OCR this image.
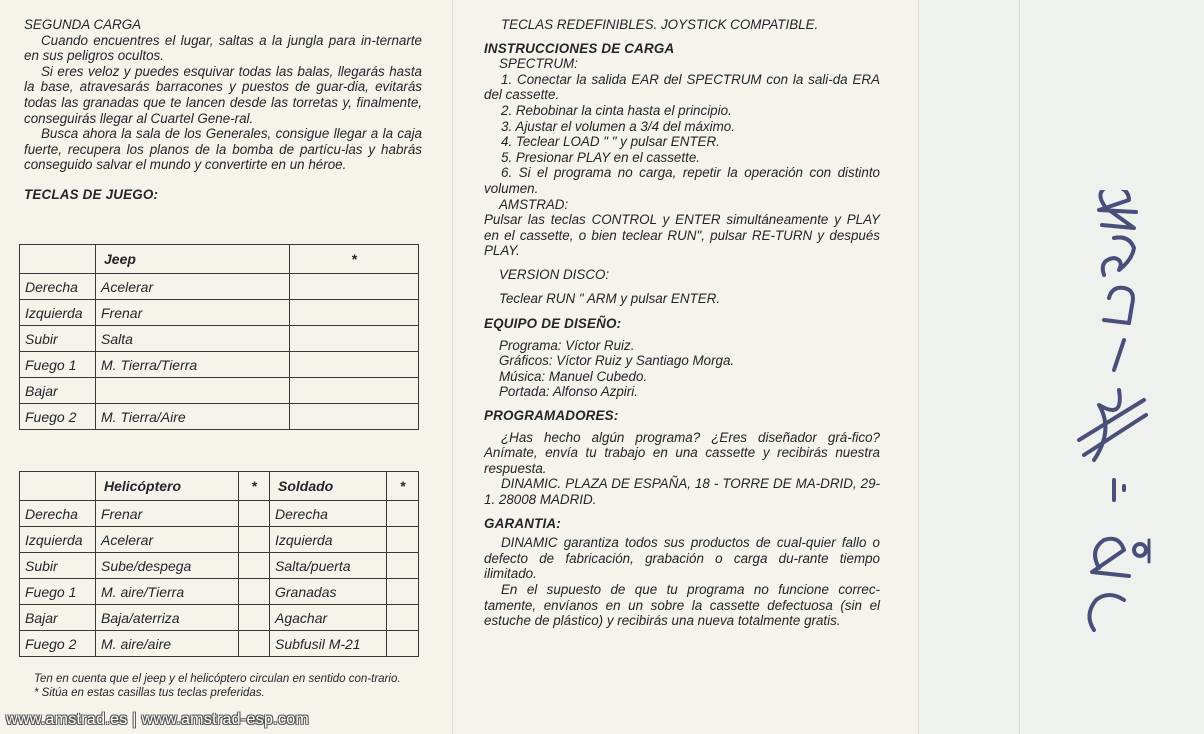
SEGUNDA CARGA

Cuando encuentres el lugar, saltas a la jungla para in-ternarte en sus peligros ocultos.

Si eres veloz y puedes esquivar todas las balas, llegarás hasta la base, atravesarás barracones y puestos de guar-dia, evitarás todas las granadas que te lancen desde las torretas y, finalmente, conseguirás llegar al Cuartel Gene-ral.

Busca ahora la sala de los Generales, consigue llegar a la caja fuerte, recupera los planos de la bomba de partícu-las y habrás conseguido salvar el mundo y convertirte en un héroe.

TECLAS DE JUEGO:

	Jeep	*
Derecha	Acelerar	
Izquierda	Frenar	
Subir	Salta	
Fuego 1	M. Tierra/Tierra	
Bajar		
Fuego 2	M. Tierra/Aire	
	Helicóptero	*	Soldado	*
Derecha	Frenar		Derecha	
Izquierda	Acelerar		Izquierda	
Subir	Sube/despega		Salta/puerta	
Fuego 1	M. aire/Tierra		Granadas	
Bajar	Baja/aterriza		Agachar	
Fuego 2	M. aire/aire		Subfusil M-21	

Ten en cuenta que el jeep y el helicóptero circulan en sentido con-trario.

* Sitúa en estas casillas tus teclas preferidas.

www.amstrad.es | www.amstrad-esp.com

TECLAS REDEFINIBLES. JOYSTICK COMPATIBLE.

INSTRUCCIONES DE CARGA

SPECTRUM:

1. Conectar la salida EAR del SPECTRUM con la sali-da ERA del cassette.

2. Rebobinar la cinta hasta el principio.

3. Ajustar el volumen a 3/4 del máximo.

4. Teclear LOAD " " y pulsar ENTER.

5. Presionar PLAY en el cassette.

6. Si el programa no carga, repetir la operación con distinto volumen.

AMSTRAD:

Pulsar las teclas CONTROL y ENTER simultáneamente y PLAY en el cassette, o bien teclear RUN", pulsar RE-TURN y después PLAY.

VERSION DISCO:

Teclear RUN " ARM y pulsar ENTER.

EQUIPO DE DISEÑO:

Programa: Víctor Ruiz.

Gráficos: Víctor Ruiz y Santiago Morga.

Música: Manuel Cubedo.

Portada: Alfonso Azpiri.

PROGRAMADORES:

¿Has hecho algún programa? ¿Eres diseñador grá-fico? Anímate, envía tu trabajo en una cassette y recibirás nuestra respuesta.

DINAMIC. PLAZA DE ESPAÑA, 18 - TORRE DE MA-DRID, 29-1. 28008 MADRID.

GARANTIA:

DINAMIC garantiza todos sus productos de cual-quier fallo o defecto de fabricación, grabación o carga du-rante tiempo ilimitado.

En el supuesto de que tu programa no funcione correc-tamente, envíanos en un sobre la cassette defectuosa (sin el estuche de plástico) y recibirás una nueva totalmente gratis.
